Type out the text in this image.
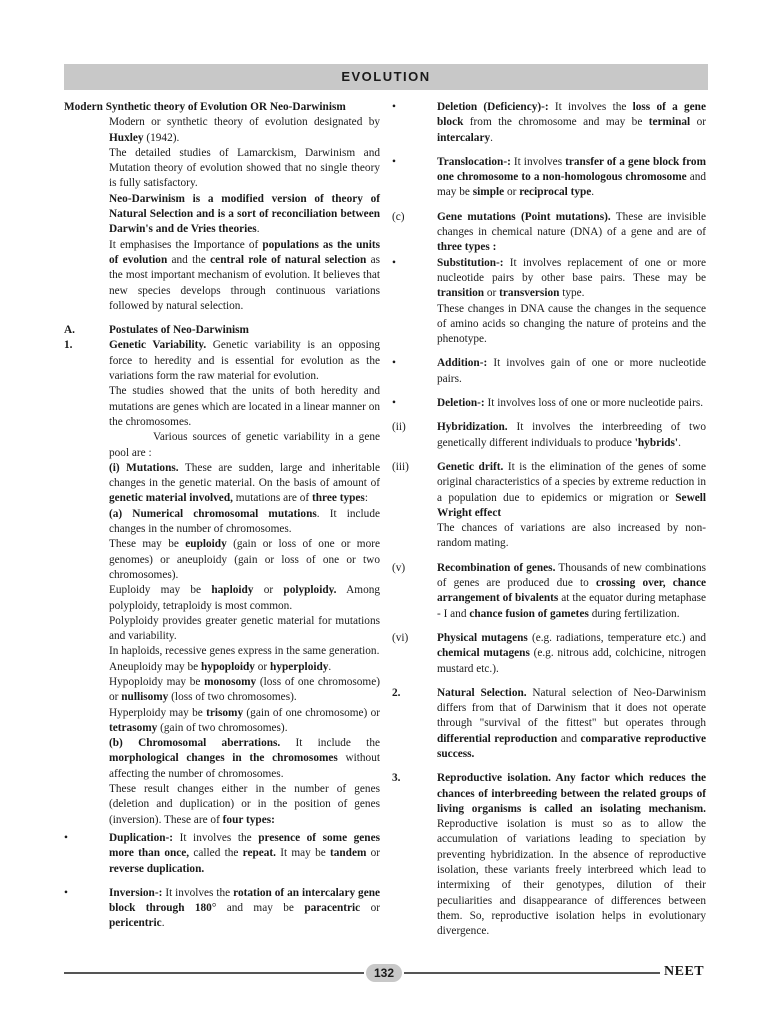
EVOLUTION
Modern Synthetic theory of Evolution OR Neo-Darwinism
Modern or synthetic theory of evolution designated by Huxley (1942).
The detailed studies of Lamarckism, Darwinism and Mutation theory of evolution showed that no single theory is fully satisfactory.
Neo-Darwinism is a modified version of theory of Natural Selection and is a sort of reconciliation between Darwin's and de Vries theories.
It emphasises the Importance of populations as the units of evolution and the central role of natural selection as the most important mechanism of evolution. It believes that new species develops through continuous variations followed by natural selection.
A.	Postulates of Neo-Darwinism
1.	Genetic Variability. Genetic variability is an opposing force to heredity and is essential for evolution as the variations form the raw material for evolution.
The studies showed that the units of both heredity and mutations are genes which are located in a linear manner on the chromosomes.
Various sources of genetic variability in a gene pool are :
(i) Mutations. These are sudden, large and inheritable changes in the genetic material. On the basis of amount of genetic material involved, mutations are of three types:
(a) Numerical chromosomal mutations. It include changes in the number of chromosomes.
These may be euploidy (gain or loss of one or more genomes) or aneuploidy (gain or loss of one or two chromosomes).
Euploidy may be haploidy or polyploidy. Among polyploidy, tetraploidy is most common.
Polyploidy provides greater genetic material for mutations and variability.
In haploids, recessive genes express in the same generation.
Aneuploidy may be hypoploidy or hyperploidy.
Hypoploidy may be monosomy (loss of one chromosome) or nullisomy (loss of two chromosomes).
Hyperploidy may be trisomy (gain of one chromosome) or tetrasomy (gain of two chromosomes).
(b) Chromosomal aberrations. It include the morphological changes in the chromosomes without affecting the number of chromosomes.
These result changes either in the number of genes (deletion and duplication) or in the position of genes (inversion). These are of four types:
•	Duplication-: It involves the presence of some genes more than once, called the repeat. It may be tandem or reverse duplication.
•	Inversion-: It involves the rotation of an intercalary gene block through 180° and may be paracentric or pericentric.
•	Deletion (Deficiency)-: It involves the loss of a gene block from the chromosome and may be terminal or intercalary.
•	Translocation-: It involves transfer of a gene block from one chromosome to a non-homologous chromosome and may be simple or reciprocal type.
(c)	Gene mutations (Point mutations). These are invisible changes in chemical nature (DNA) of a gene and are of three types :
•	Substitution-: It involves replacement of one or more nucleotide pairs by other base pairs. These may be transition or transversion type.
These changes in DNA cause the changes in the sequence of amino acids so changing the nature of proteins and the phenotype.
•	Addition-: It involves gain of one or more nucleotide pairs.
•	Deletion-: It involves loss of one or more nucleotide pairs.
(ii)	Hybridization. It involves the interbreeding of two genetically different individuals to produce 'hybrids'.
(iii)	Genetic drift. It is the elimination of the genes of some original characteristics of a species by extreme reduction in a population due to epidemics or migration or Sewell Wright effect
The chances of variations are also increased by non-random mating.
(v)	Recombination of genes. Thousands of new combinations of genes are produced due to crossing over, chance arrangement of bivalents at the equator during metaphase - I and chance fusion of gametes during fertilization.
(vi)	Physical mutagens (e.g. radiations, temperature etc.) and chemical mutagens (e.g. nitrous add, colchicine, nitrogen mustard etc.).
2.	Natural Selection. Natural selection of Neo-Darwinism differs from that of Darwinism that it does not operate through "survival of the fittest" but operates through differential reproduction and comparative reproductive success.
3.	Reproductive isolation. Any factor which reduces the chances of interbreeding between the related groups of living organisms is called an isolating mechanism. Reproductive isolation is must so as to allow the accumulation of variations leading to speciation by preventing hybridization. In the absence of reproductive isolation, these variants freely interbreed which lead to intermixing of their genotypes, dilution of their peculiarities and disappearance of differences between them. So, reproductive isolation helps in evolutionary divergence.
132	NEET
